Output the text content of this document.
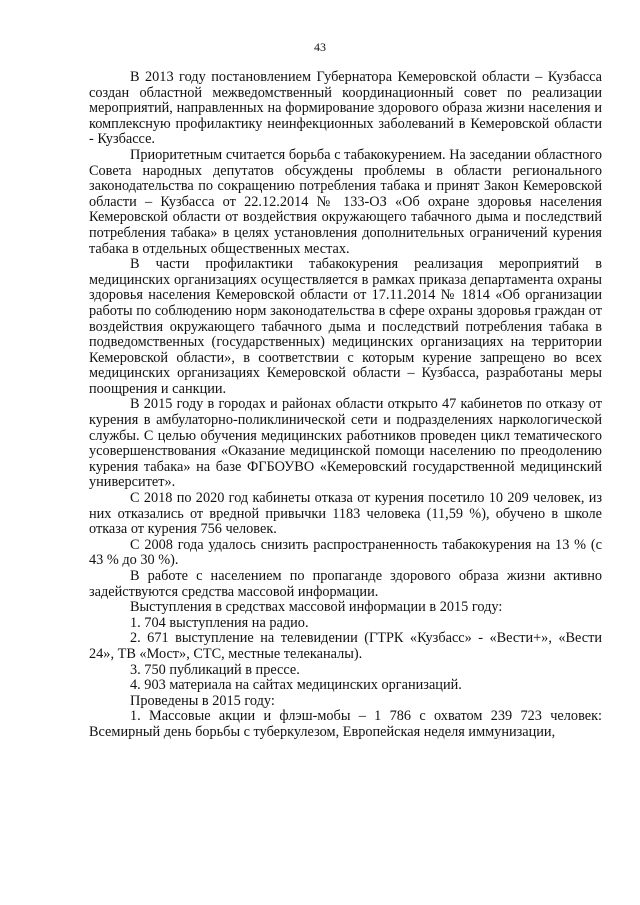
43

В 2013 году постановлением Губернатора Кемеровской области – Кузбасса создан областной межведомственный координационный совет по реализации мероприятий, направленных на формирование здорового образа жизни населения и комплексную профилактику неинфекционных заболеваний в Кемеровской области - Кузбассе.

Приоритетным считается борьба с табакокурением. На заседании областного Совета народных депутатов обсуждены проблемы в области регионального законодательства по сокращению потребления табака и принят Закон Кемеровской области – Кузбасса от 22.12.2014 № 133-ОЗ «Об охране здоровья населения Кемеровской области от воздействия окружающего табачного дыма и последствий потребления табака» в целях установления дополнительных ограничений курения табака в отдельных общественных местах.

В части профилактики табакокурения реализация мероприятий в медицинских организациях осуществляется в рамках приказа департамента охраны здоровья населения Кемеровской области от 17.11.2014 № 1814 «Об организации работы по соблюдению норм законодательства в сфере охраны здоровья граждан от воздействия окружающего табачного дыма и последствий потребления табака в подведомственных (государственных) медицинских организациях на территории Кемеровской области», в соответствии с которым курение запрещено во всех медицинских организациях Кемеровской области – Кузбасса, разработаны меры поощрения и санкции.

В 2015 году в городах и районах области открыто 47 кабинетов по отказу от курения в амбулаторно-поликлинической сети и подразделениях наркологической службы. С целью обучения медицинских работников проведен цикл тематического усовершенствования «Оказание медицинской помощи населению по преодолению курения табака» на базе ФГБОУВО «Кемеровский государственной медицинский университет».

С 2018 по 2020 год кабинеты отказа от курения посетило 10 209 человек, из них отказались от вредной привычки 1183 человека (11,59 %), обучено в школе отказа от курения 756 человек.

С 2008 года удалось снизить распространенность табакокурения на 13 % (с 43 % до 30 %).

В работе с населением по пропаганде здорового образа жизни активно задействуются средства массовой информации.

Выступления в средствах массовой информации в 2015 году:

1. 704 выступления на радио.

2. 671 выступление на телевидении (ГТРК «Кузбасс» - «Вести+», «Вести 24», ТВ «Мост», СТС, местные телеканалы).

3. 750 публикаций в прессе.

4. 903 материала на сайтах медицинских организаций.

Проведены в 2015 году:

1. Массовые акции и флэш-мобы – 1 786 с охватом 239 723 человек: Всемирный день борьбы с туберкулезом, Европейская неделя иммунизации,
